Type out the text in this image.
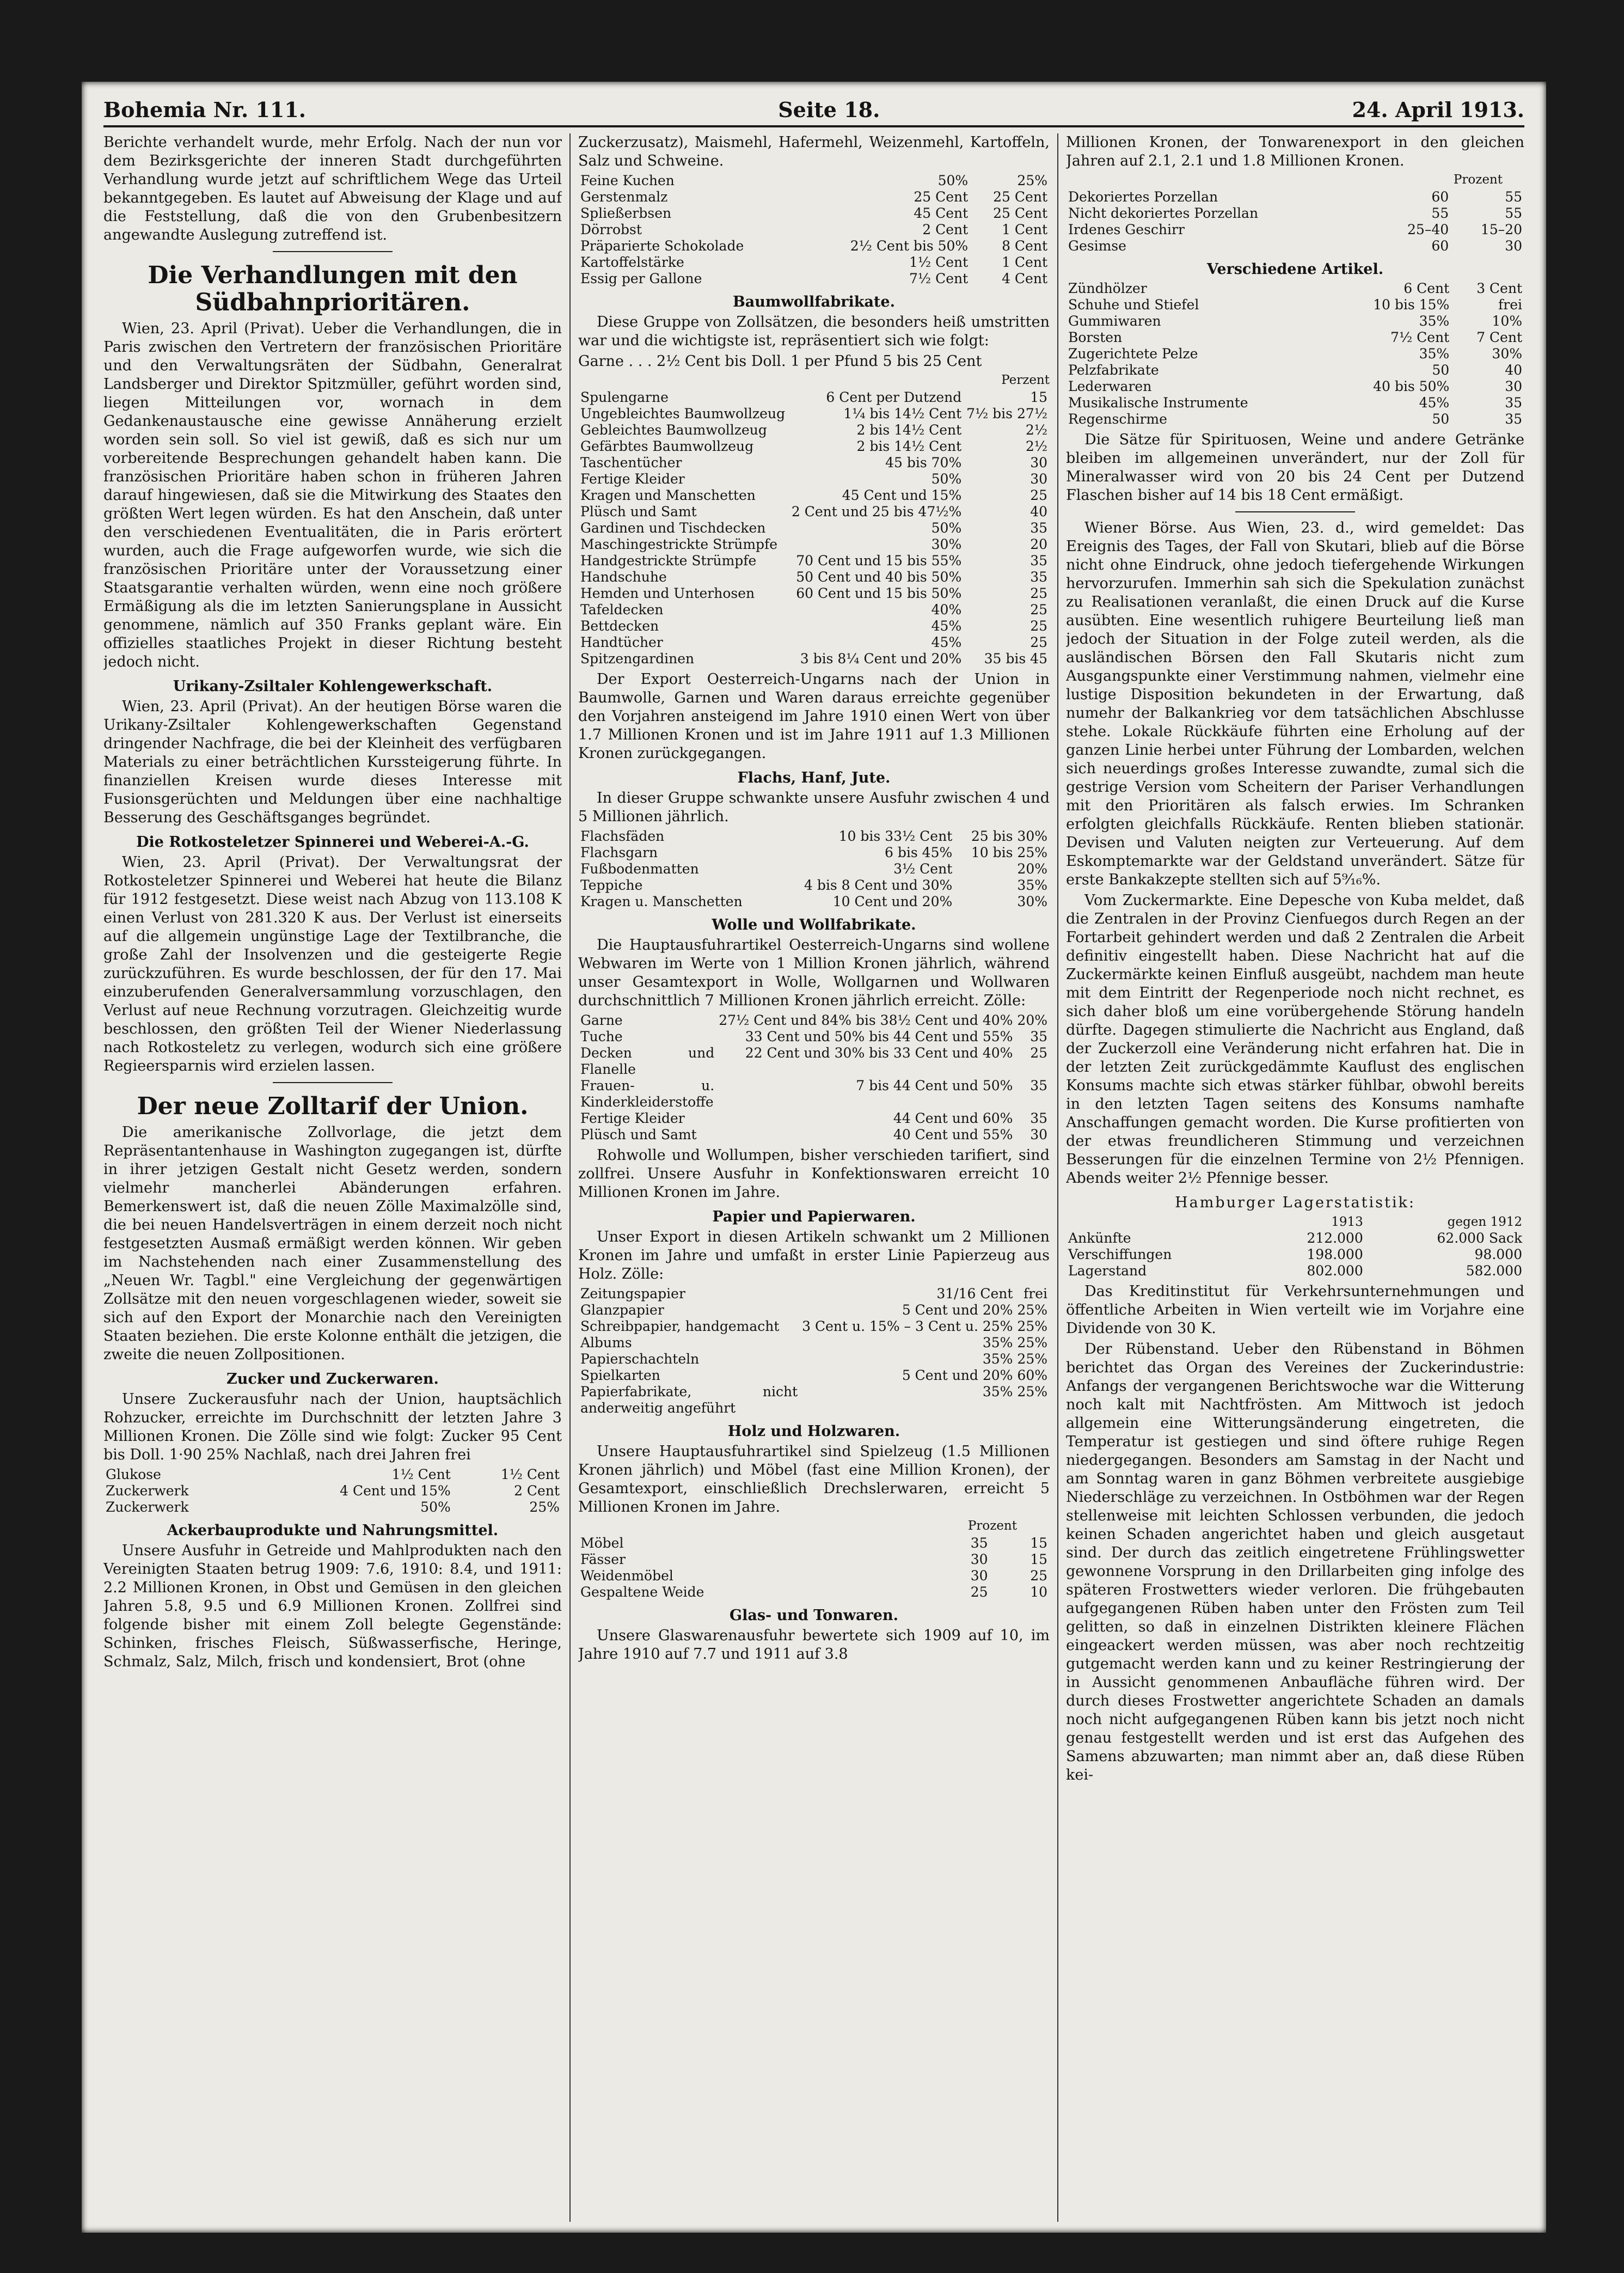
Bohemia Nr. 111.	Seite 18.	24. April 1913.

Berichte verhandelt wurde, mehr Erfolg. Nach der nun vor dem Bezirksgerichte der inneren Stadt durchgeführten Verhandlung wurde jetzt auf schriftlichem Wege das Urteil bekanntgegeben. Es lautet auf Abweisung der Klage und auf die Feststellung, daß die von den Grubenbesitzern angewandte Auslegung zutreffend ist.

Die Verhandlungen mit den Südbahnprioritären.

Wien, 23. April (Privat). Ueber die Verhandlungen, die in Paris zwischen den Vertretern der französischen Prioritäre und den Verwaltungsräten der Südbahn, Generalrat Landsberger und Direktor Spitzmüller, geführt worden sind, liegen Mitteilungen vor, wornach in dem Gedankenaustausche eine gewisse Annäherung erzielt worden sein soll. So viel ist gewiß, daß es sich nur um vorbereitende Besprechungen gehandelt haben kann. Die französischen Prioritäre haben schon in früheren Jahren darauf hingewiesen, daß sie die Mitwirkung des Staates den größten Wert legen würden. Es hat den Anschein, daß unter den verschiedenen Eventualitäten, die in Paris erörtert wurden, auch die Frage aufgeworfen wurde, wie sich die französischen Prioritäre unter der Voraussetzung einer Staatsgarantie verhalten würden, wenn eine noch größere Ermäßigung als die im letzten Sanierungsplane in Aussicht genommene, nämlich auf 350 Franks geplant wäre. Ein offizielles staatliches Projekt in dieser Richtung besteht jedoch nicht.

Urikany-Zsiltaler Kohlengewerkschaft.

Wien, 23. April (Privat). An der heutigen Börse waren die Urikany-Zsiltaler Kohlengewerkschaften Gegenstand dringender Nachfrage, die bei der Kleinheit des verfügbaren Materials zu einer beträchtlichen Kurssteigerung führte. In finanziellen Kreisen wurde dieses Interesse mit Fusionsgerüchten und Meldungen über eine nachhaltige Besserung des Geschäftsganges begründet.

Die Rotkosteletzer Spinnerei und Weberei-A.-G.

Wien, 23. April (Privat). Der Verwaltungsrat der Rotkosteletzer Spinnerei und Weberei hat heute die Bilanz für 1912 festgesetzt. Diese weist nach Abzug von 113.108 K einen Verlust von 281.320 K aus. Der Verlust ist einerseits auf die allgemein ungünstige Lage der Textilbranche, die große Zahl der Insolvenzen und die gesteigerte Regie zurückzuführen. Es wurde beschlossen, der für den 17. Mai einzuberufenden Generalversammlung vorzuschlagen, den Verlust auf neue Rechnung vorzutragen. Gleichzeitig wurde beschlossen, den größten Teil der Wiener Niederlassung nach Rotkosteletz zu verlegen, wodurch sich eine größere Regieersparnis wird erzielen lassen.

Der neue Zolltarif der Union.

Die amerikanische Zollvorlage, die jetzt dem Repräsentantenhause in Washington zugegangen ist, dürfte in ihrer jetzigen Gestalt nicht Gesetz werden, sondern vielmehr mancherlei Abänderungen erfahren. Bemerkenswert ist, daß die neuen Zölle Maximalzölle sind, die bei neuen Handelsverträgen in einem derzeit noch nicht festgesetzten Ausmaß ermäßigt werden können. Wir geben im Nachstehenden nach einer Zusammenstellung des „Neuen Wr. Tagbl." eine Vergleichung der gegenwärtigen Zollsätze mit den neuen vorgeschlagenen wieder, soweit sie sich auf den Export der Monarchie nach den Vereinigten Staaten beziehen. Die erste Kolonne enthält die jetzigen, die zweite die neuen Zollpositionen.

Zucker und Zuckerwaren.

Unsere Zuckerausfuhr nach der Union, hauptsächlich Rohzucker, erreichte im Durchschnitt der letzten Jahre 3 Millionen Kronen. Die Zölle sind wie folgt: Zucker 95 Cent bis Doll. 1·90 25% Nachlaß, nach drei Jahren frei

Glukose	1½ Cent	1½ Cent
Zuckerwerk	4 Cent und 15%	2 Cent
Zuckerwerk	50%	25%
Ackerbauprodukte und Nahrungsmittel.

Unsere Ausfuhr in Getreide und Mahlprodukten nach den Vereinigten Staaten betrug 1909: 7.6, 1910: 8.4, und 1911: 2.2 Millionen Kronen, in Obst und Gemüsen in den gleichen Jahren 5.8, 9.5 und 6.9 Millionen Kronen. Zollfrei sind folgende bisher mit einem Zoll belegte Gegenstände: Schinken, frisches Fleisch, Süßwasserfische, Heringe, Schmalz, Salz, Milch, frisch und kondensiert, Brot (ohne

Zuckerzusatz), Maismehl, Hafermehl, Weizenmehl, Kartoffeln, Salz und Schweine.

Feine Kuchen	50%	25%
Gerstenmalz	25 Cent	25 Cent
Spließerbsen	45 Cent	25 Cent
Dörrobst	2 Cent	1 Cent
Präparierte Schokolade	2½ Cent bis 50%	8 Cent
Kartoffelstärke	1½ Cent	1 Cent
Essig per Gallone	7½ Cent	4 Cent
Baumwollfabrikate.

Diese Gruppe von Zollsätzen, die besonders heiß umstritten war und die wichtigste ist, repräsentiert sich wie folgt:

Garne . . . 2½ Cent bis Doll. 1 per Pfund 5 bis 25 Cent

Perzent
Spulengarne	6 Cent per Dutzend	15
Ungebleichtes Baumwollzeug	1¼ bis 14½ Cent	7½ bis 27½
Gebleichtes Baumwollzeug	2 bis 14½ Cent	2½
Gefärbtes Baumwollzeug	2 bis 14½ Cent	2½
Taschentücher	45 bis 70%	30
Fertige Kleider	50%	30
Kragen und Manschetten	45 Cent und 15%	25
Plüsch und Samt	2 Cent und 25 bis 47½%	40
Gardinen und Tischdecken	50%	35
Maschingestrickte Strümpfe	30%	20
Handgestrickte Strümpfe	70 Cent und 15 bis 55%	35
Handschuhe	50 Cent und 40 bis 50%	35
Hemden und Unterhosen	60 Cent und 15 bis 50%	25
Tafeldecken	40%	25
Bettdecken	45%	25
Handtücher	45%	25
Spitzengardinen	3 bis 8¼ Cent und 20%	35 bis 45

Der Export Oesterreich-Ungarns nach der Union in Baumwolle, Garnen und Waren daraus erreichte gegenüber den Vorjahren ansteigend im Jahre 1910 einen Wert von über 1.7 Millionen Kronen und ist im Jahre 1911 auf 1.3 Millionen Kronen zurückgegangen.

Flachs, Hanf, Jute.

In dieser Gruppe schwankte unsere Ausfuhr zwischen 4 und 5 Millionen jährlich.

Flachsfäden	10 bis 33½ Cent	25 bis 30%
Flachsgarn	6 bis 45%	10 bis 25%
Fußbodenmatten	3½ Cent	20%
Teppiche	4 bis 8 Cent und 30%	35%
Kragen u. Manschetten	10 Cent und 20%	30%
Wolle und Wollfabrikate.

Die Hauptausfuhrartikel Oesterreich-Ungarns sind wollene Webwaren im Werte von 1 Million Kronen jährlich, während unser Gesamtexport in Wolle, Wollgarnen und Wollwaren durchschnittlich 7 Millionen Kronen jährlich erreicht. Zölle:

Garne	27½ Cent und 84% bis 38½ Cent und 40%	20%
Tuche	33 Cent und 50% bis 44 Cent und 55%	35
Decken und Flanelle	22 Cent und 30% bis 33 Cent und 40%	25
Frauen- u. Kinderkleiderstoffe	7 bis 44 Cent und 50%	35
Fertige Kleider	44 Cent und 60%	35
Plüsch und Samt	40 Cent und 55%	30

Rohwolle und Wollumpen, bisher verschieden tarifiert, sind zollfrei. Unsere Ausfuhr in Konfektionswaren erreicht 10 Millionen Kronen im Jahre.

Papier und Papierwaren.

Unser Export in diesen Artikeln schwankt um 2 Millionen Kronen im Jahre und umfaßt in erster Linie Papierzeug aus Holz. Zölle:

Zeitungspapier	31/16 Cent	frei
Glanzpapier	5 Cent und 20%	25%
Schreibpapier, handgemacht	3 Cent u. 15% – 3 Cent u. 25%	25%
Albums	35%	25%
Papierschachteln	35%	25%
Spielkarten	5 Cent und 20%	60%
Papierfabrikate, nicht anderweitig angeführt	35%	25%
Holz und Holzwaren.

Unsere Hauptausfuhrartikel sind Spielzeug (1.5 Millionen Kronen jährlich) und Möbel (fast eine Million Kronen), der Gesamtexport, einschließlich Drechslerwaren, erreicht 5 Millionen Kronen im Jahre.

Prozent
Möbel	35	15
Fässer	30	15
Weidenmöbel	30	25
Gespaltene Weide	25	10
Glas- und Tonwaren.

Unsere Glaswarenausfuhr bewertete sich 1909 auf 10, im Jahre 1910 auf 7.7 und 1911 auf 3.8

Millionen Kronen, der Tonwarenexport in den gleichen Jahren auf 2.1, 2.1 und 1.8 Millionen Kronen.

Prozent
Dekoriertes Porzellan	60	55
Nicht dekoriertes Porzellan	55	55
Irdenes Geschirr	25–40	15–20
Gesimse	60	30
Verschiedene Artikel.
Zündhölzer	6 Cent	3 Cent
Schuhe und Stiefel	10 bis 15%	frei
Gummiwaren	35%	10%
Borsten	7½ Cent	7 Cent
Zugerichtete Pelze	35%	30%
Pelzfabrikate	50	40
Lederwaren	40 bis 50%	30
Musikalische Instrumente	45%	35
Regenschirme	50	35

Die Sätze für Spirituosen, Weine und andere Getränke bleiben im allgemeinen unverändert, nur der Zoll für Mineralwasser wird von 20 bis 24 Cent per Dutzend Flaschen bisher auf 14 bis 18 Cent ermäßigt.

Wiener Börse. Aus Wien, 23. d., wird gemeldet: Das Ereignis des Tages, der Fall von Skutari, blieb auf die Börse nicht ohne Eindruck, ohne jedoch tiefergehende Wirkungen hervorzurufen. Immerhin sah sich die Spekulation zunächst zu Realisationen veranlaßt, die einen Druck auf die Kurse ausübten. Eine wesentlich ruhigere Beurteilung ließ man jedoch der Situation in der Folge zuteil werden, als die ausländischen Börsen den Fall Skutaris nicht zum Ausgangspunkte einer Verstimmung nahmen, vielmehr eine lustige Disposition bekundeten in der Erwartung, daß numehr der Balkankrieg vor dem tatsächlichen Abschlusse stehe. Lokale Rückkäufe führten eine Erholung auf der ganzen Linie herbei unter Führung der Lombarden, welchen sich neuerdings großes Interesse zuwandte, zumal sich die gestrige Version vom Scheitern der Pariser Verhandlungen mit den Prioritären als falsch erwies. Im Schranken erfolgten gleichfalls Rückkäufe. Renten blieben stationär. Devisen und Valuten neigten zur Verteuerung. Auf dem Eskomptemarkte war der Geldstand unverändert. Sätze für erste Bankakzepte stellten sich auf 5⁹⁄₁₆%.

Vom Zuckermarkte. Eine Depesche von Kuba meldet, daß die Zentralen in der Provinz Cienfuegos durch Regen an der Fortarbeit gehindert werden und daß 2 Zentralen die Arbeit definitiv eingestellt haben. Diese Nachricht hat auf die Zuckermärkte keinen Einfluß ausgeübt, nachdem man heute mit dem Eintritt der Regenperiode noch nicht rechnet, es sich daher bloß um eine vorübergehende Störung handeln dürfte. Dagegen stimulierte die Nachricht aus England, daß der Zuckerzoll eine Veränderung nicht erfahren hat. Die in der letzten Zeit zurückgedämmte Kauflust des englischen Konsums machte sich etwas stärker fühlbar, obwohl bereits in den letzten Tagen seitens des Konsums namhafte Anschaffungen gemacht worden. Die Kurse profitierten von der etwas freundlicheren Stimmung und verzeichnen Besserungen für die einzelnen Termine von 2½ Pfennigen. Abends weiter 2½ Pfennige besser.

Hamburger Lagerstatistik:
	1913	gegen 1912
Ankünfte	212.000	62.000 Sack
Verschiffungen	198.000	98.000
Lagerstand	802.000	582.000

Das Kreditinstitut für Verkehrsunternehmungen und öffentliche Arbeiten in Wien verteilt wie im Vorjahre eine Dividende von 30 K.

Der Rübenstand. Ueber den Rübenstand in Böhmen berichtet das Organ des Vereines der Zuckerindustrie: Anfangs der vergangenen Berichtswoche war die Witterung noch kalt mit Nachtfrösten. Am Mittwoch ist jedoch allgemein eine Witterungsänderung eingetreten, die Temperatur ist gestiegen und sind öftere ruhige Regen niedergegangen. Besonders am Samstag in der Nacht und am Sonntag waren in ganz Böhmen verbreitete ausgiebige Niederschläge zu verzeichnen. In Ostböhmen war der Regen stellenweise mit leichten Schlossen verbunden, die jedoch keinen Schaden angerichtet haben und gleich ausgetaut sind. Der durch das zeitlich eingetretene Frühlingswetter gewonnene Vorsprung in den Drillarbeiten ging infolge des späteren Frostwetters wieder verloren. Die frühgebauten aufgegangenen Rüben haben unter den Frösten zum Teil gelitten, so daß in einzelnen Distrikten kleinere Flächen eingeackert werden müssen, was aber noch rechtzeitig gutgemacht werden kann und zu keiner Restringierung der in Aussicht genommenen Anbaufläche führen wird. Der durch dieses Frostwetter angerichtete Schaden an damals noch nicht aufgegangenen Rüben kann bis jetzt noch nicht genau festgestellt werden und ist erst das Aufgehen des Samens abzuwarten; man nimmt aber an, daß diese Rüben kei-
